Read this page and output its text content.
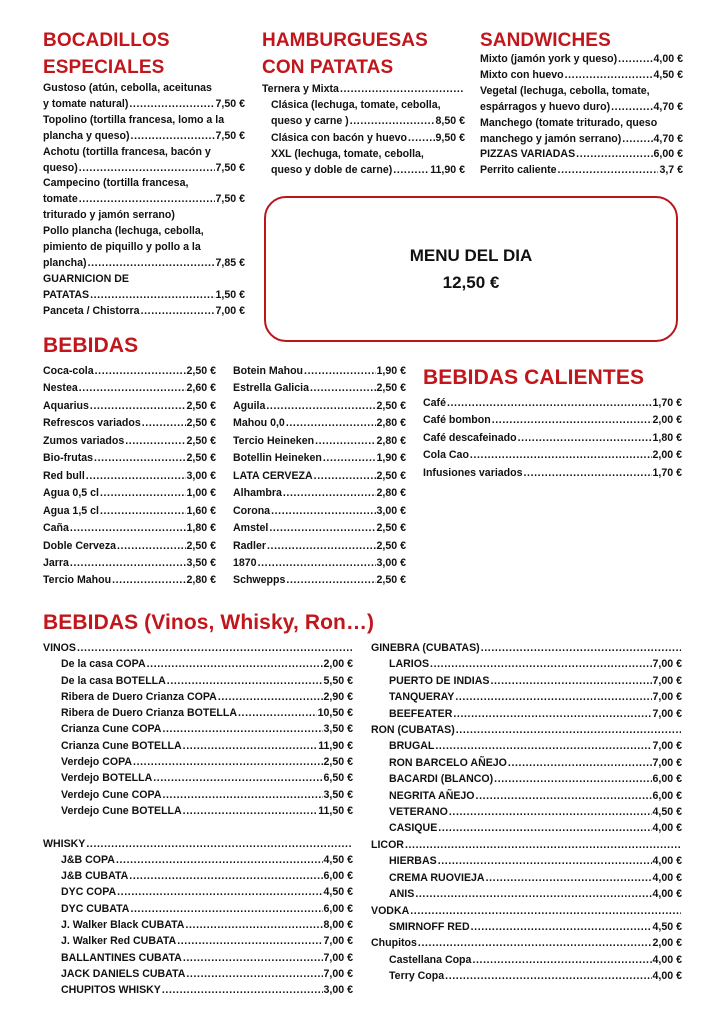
BOCADILLOS
ESPECIALES
Gustoso (atún, cebolla, aceitunas
y tomate natural) .....	7,50 €
Topolino (tortilla francesa, lomo a la
plancha y queso) .....	7,50 €
Achotu (tortilla francesa, bacón y
queso) .....	7,50 €
Campecino (tortilla francesa,
tomate .....	7,50 €
triturado y jamón serrano)
Pollo plancha (lechuga, cebolla,
pimiento de piquillo y pollo a la
plancha) .....	7,85 €
GUARNICION DE
PATATAS .....	1,50 €
Panceta / Chistorra .....	7,00 €
HAMBURGUESAS
CON PATATAS
Ternera y Mixta
.....
Clásica (lechuga, tomate, cebolla,
queso y carne ) .....	8,50 €
Clásica con bacón y huevo .....	9,50 €
XXL (lechuga, tomate, cebolla,
queso y doble de carne) .....	11,90 €
SANDWICHES
Mixto (jamón york y queso) .....	4,00 €
Mixto con huevo .....	4,50 €
Vegetal (lechuga, cebolla, tomate,
espárragos y huevo duro) .....	4,70 €
Manchego (tomate triturado, queso
manchego y jamón serrano) .....	4,70 €
PIZZAS VARIADAS .....	6,00 €
Perrito caliente .....	3,7 €
MENU DEL DIA
12,50 €
BEBIDAS
Coca-cola .....	2,50 €
Nestea .....	2,60 €
Aquarius .....	2,50 €
Refrescos variados .....	2,50 €
Zumos variados .....	2,50 €
Bio-frutas .....	2,50 €
Red bull .....	3,00 €
Agua 0,5 cl .....	1,00 €
Agua 1,5 cl .....	1,60 €
Caña .....	1,80 €
Doble Cerveza .....	2,50 €
Jarra .....	3,50 €
Tercio Mahou .....	2,80 €
Botein Mahou .....	1,90 €
Estrella Galicia .....	2,50 €
Aguila .....	2,50 €
Mahou 0,0 .....	2,80 €
Tercio Heineken .....	2,80 €
Botellin Heineken .....	1,90 €
LATA CERVEZA .....	2,50 €
Alhambra .....	2,80 €
Corona .....	3,00 €
Amstel .....	2,50 €
Radler .....	2,50 €
1870 .....	3,00 €
Schwepps .....	2,50 €
BEBIDAS CALIENTES
Café .....	1,70 €
Café bombon .....	2,00 €
Café descafeinado .....	1,80 €
Cola Cao .....	2,00 €
Infusiones variados .....	1,70 €
BEBIDAS (Vinos, Whisky, Ron…)
VINOS
.....
De la casa COPA .....	2,00 €
De la casa BOTELLA .....	5,50 €
Ribera de Duero Crianza COPA .....	2,90 €
Ribera de Duero Crianza BOTELLA .....	10,50 €
Crianza Cune COPA .....	3,50 €
Crianza Cune BOTELLA .....	11,90 €
Verdejo COPA .....	2,50 €
Verdejo BOTELLA .....	6,50 €
Verdejo Cune COPA .....	3,50 €
Verdejo Cune BOTELLA .....	11,50 €
WHISKY
.....
J&B COPA .....	4,50 €
J&B CUBATA .....	6,00 €
DYC COPA .....	4,50 €
DYC CUBATA .....	6,00 €
J. Walker Black CUBATA .....	8,00 €
J. Walker Red CUBATA .....	7,00 €
BALLANTINES CUBATA .....	7,00 €
JACK DANIELS CUBATA .....	7,00 €
CHUPITOS WHISKY .....	3,00 €
GINEBRA (CUBATAS)
.....
LARIOS .....	7,00 €
PUERTO DE INDIAS .....	7,00 €
TANQUERAY .....	7,00 €
BEEFEATER .....	7,00 €
RON (CUBATAS)
.....
BRUGAL .....	7,00 €
RON BARCELO AÑEJO .....	7,00 €
BACARDI (BLANCO) .....	6,00 €
NEGRITA AÑEJO .....	6,00 €
VETERANO .....	4,50 €
CASIQUE .....	4,00 €
LICOR
.....
HIERBAS .....	4,00 €
CREMA RUOVIEJA .....	4,00 €
ANIS .....	4,00 €
VODKA
.....
SMIRNOFF RED .....	4,50 €
Chupitos .....	2,00 €
Castellana Copa .....	4,00 €
Terry Copa .....	4,00 €
